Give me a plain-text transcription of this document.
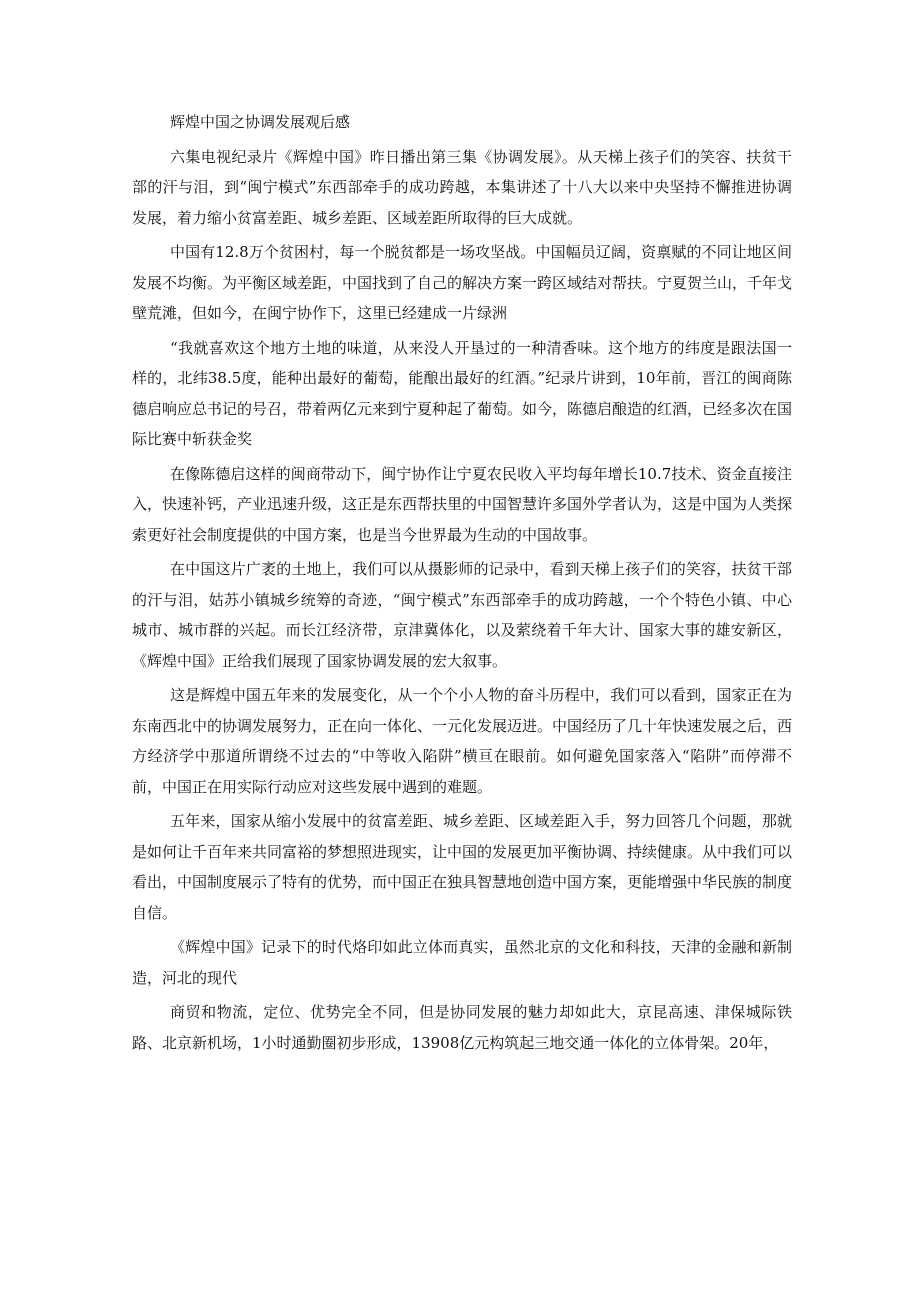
辉煌中国之协调发展观后感

六集电视纪录片《辉煌中国》昨日播出第三集《协调发展》。从天梯上孩子们的笑容、扶贫干部的汗与泪，到“闽宁模式”东西部牵手的成功跨越，本集讲述了十八大以来中央坚持不懈推进协调发展，着力缩小贫富差距、城乡差距、区域差距所取得的巨大成就。

中国有12.8万个贫困村，每一个脱贫都是一场攻坚战。中国幅员辽阔，资禀赋的不同让地区间发展不均衡。为平衡区域差距，中国找到了自己的解决方案一跨区域结对帮扶。宁夏贺兰山，千年戈壁荒滩，但如今，在闽宁协作下，这里已经建成一片绿洲

“我就喜欢这个地方土地的味道，从来没人开垦过的一种清香味。这个地方的纬度是跟法国一样的，北纬38.5度，能种出最好的葡萄，能酿出最好的红酒。”纪录片讲到，10年前，晋江的闽商陈德启响应总书记的号召，带着两亿元来到宁夏种起了葡萄。如今，陈德启酿造的红酒，已经多次在国际比赛中斩获金奖

在像陈德启这样的闽商带动下，闽宁协作让宁夏农民收入平均每年增长10.7技术、资金直接注入，快速补钙，产业迅速升级，这正是东西帮扶里的中国智慧许多国外学者认为，这是中国为人类探索更好社会制度提供的中国方案，也是当今世界最为生动的中国故事。

在中国这片广袤的土地上，我们可以从摄影师的记录中，看到天梯上孩子们的笑容，扶贫干部的汗与泪，姑苏小镇城乡统筹的奇迹，“闽宁模式”东西部牵手的成功跨越，一个个特色小镇、中心城市、城市群的兴起。而长江经济带，京津冀体化，以及萦绕着千年大计、国家大事的雄安新区，《辉煌中国》正给我们展现了国家协调发展的宏大叙事。

这是辉煌中国五年来的发展变化，从一个个小人物的奋斗历程中，我们可以看到，国家正在为东南西北中的协调发展努力，正在向一体化、一元化发展迈进。中国经历了几十年快速发展之后，西方经济学中那道所谓绕不过去的“中等收入陷阱”横亘在眼前。如何避免国家落入“陷阱”而停滞不前，中国正在用实际行动应对这些发展中遇到的难题。

五年来，国家从缩小发展中的贫富差距、城乡差距、区域差距入手，努力回答几个问题，那就是如何让千百年来共同富裕的梦想照进现实，让中国的发展更加平衡协调、持续健康。从中我们可以看出，中国制度展示了特有的优势，而中国正在独具智慧地创造中国方案，更能增强中华民族的制度自信。

《辉煌中国》记录下的时代烙印如此立体而真实，虽然北京的文化和科技，天津的金融和新制造，河北的现代

商贸和物流，定位、优势完全不同，但是协同发展的魅力却如此大，京昆高速、津保城际铁路、北京新机场，1小时通勤圈初步形成，13908亿元构筑起三地交通一体化的立体骨架。20年，
